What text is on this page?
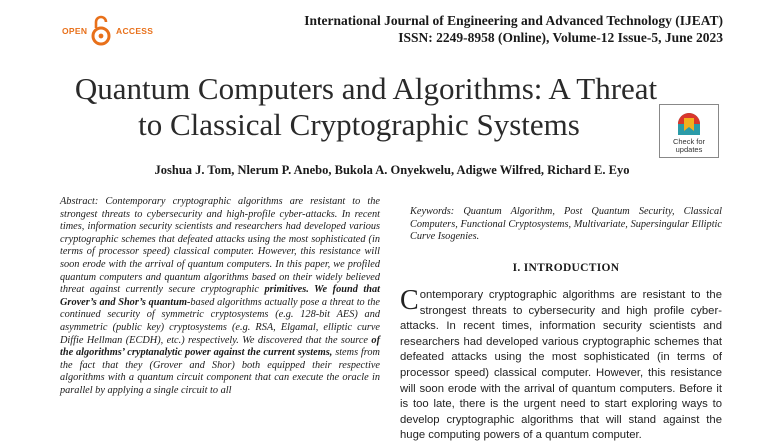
OPEN	ACCESS
International Journal of Engineering and Advanced Technology (IJEAT)
ISSN: 2249-8958 (Online), Volume-12 Issue-5, June 2023
Quantum Computers and Algorithms: A Threat
to Classical Cryptographic Systems	Check for updates
Joshua J. Tom, Nlerum P. Anebo, Bukola A. Onyekwelu, Adigwe Wilfred, Richard E. Eyo
Abstract: Contemporary cryptographic algorithms are resistant to the strongest threats to cybersecurity and high-profile cyber-attacks. In recent times, information security scientists and researchers had developed various cryptographic schemes that defeated attacks using the most sophisticated (in terms of processor speed) classical computer. However, this resistance will soon erode with the arrival of quantum computers. In this paper, we profiled quantum computers and quantum algorithms based on their widely believed threat against currently secure cryptographic primitives. We found that Grover’s and Shor’s quantum-based algorithms actually pose a threat to the continued security of symmetric cryptosystems (e.g. 128-bit AES) and asymmetric (public key) cryptosystems (e.g. RSA, Elgamal, elliptic curve Diffie Hellman (ECDH), etc.) respectively. We discovered that the source of the algorithms’ cryptanalytic power against the current systems, stems from the fact that they (Grover and Shor) both equipped their respective algorithms with a quantum circuit component that can execute the oracle in parallel by applying a single circuit to all
Keywords: Quantum Algorithm, Post Quantum Security, Classical Computers, Functional Cryptosystems, Multivariate, Supersingular Elliptic Curve Isogenies.
I. INTRODUCTION
Contemporary cryptographic algorithms are resistant to the strongest threats to cybersecurity and high profile cyber-attacks. In recent times, information security scientists and researchers had developed various cryptographic schemes that defeated attacks using the most sophisticated (in terms of processor speed) classical computer. However, this resistance will soon erode with the arrival of quantum computers. Before it is too late, there is the urgent need to start exploring ways to develop cryptographic algorithms that will stand against the huge computing powers of a quantum computer.
